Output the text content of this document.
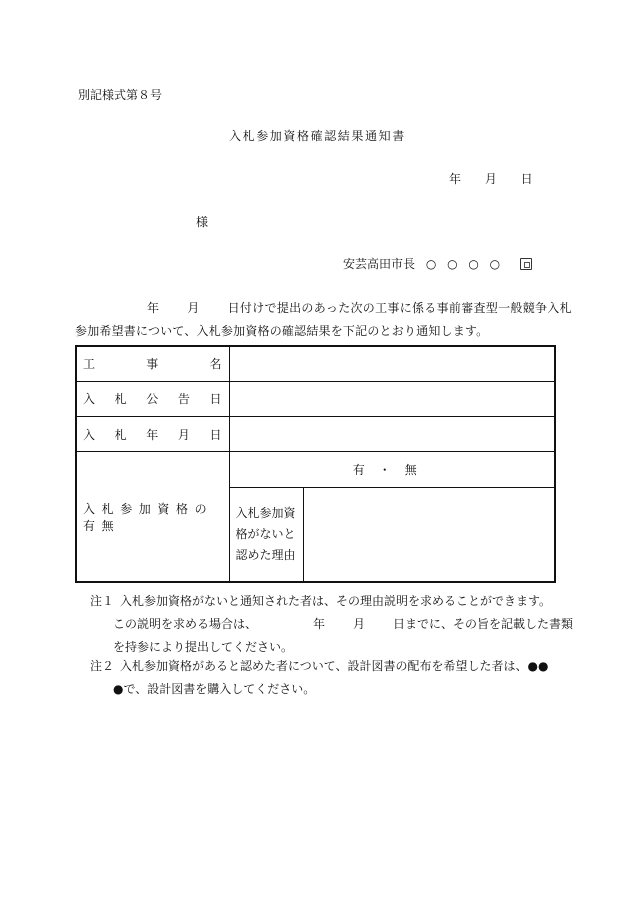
別記様式第８号
入札参加資格確認結果通知書
年 月 日
様
安芸高田市長 ○ ○ ○ ○
年 月 日付けで提出のあった次の工事に係る事前審査型一般競争入札
参加希望書について、入札参加資格の確認結果を下記のとおり通知します。
工 事 名		

入 札 公 告 日		

入 札 年 月 日		

入札参加資格の有無	有・無	

	入札参加資
格がないと
認めた理由	

注１ 入札参加資格がないと通知された者は、その理由説明を求めることができます。
この説明を求める場合は、	年 月 日までに、その旨を記載した書類
を持参により提出してください。
注２ 入札参加資格があると認めた者について、設計図書の配布を希望した者は、●●
●で、設計図書を購入してください。
